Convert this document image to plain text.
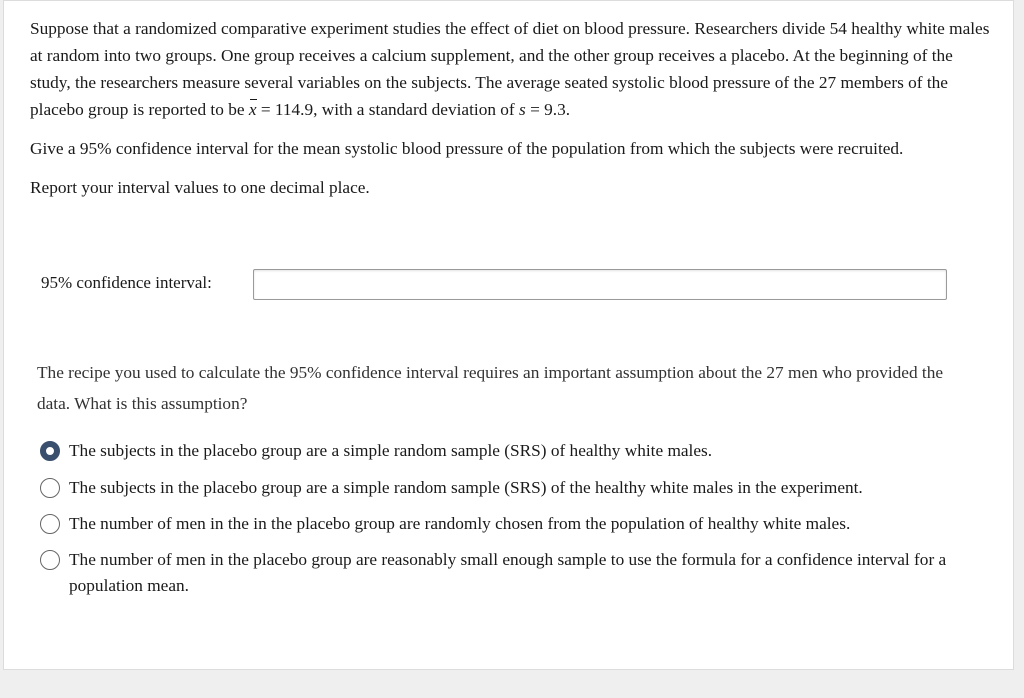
Suppose that a randomized comparative experiment studies the effect of diet on blood pressure. Researchers divide 54 healthy white males at random into two groups. One group receives a calcium supplement, and the other group receives a placebo. At the beginning of the study, the researchers measure several variables on the subjects. The average seated systolic blood pressure of the 27 members of the placebo group is reported to be x = 114.9, with a standard deviation of s = 9.3.

Give a 95% confidence interval for the mean systolic blood pressure of the population from which the subjects were recruited.

Report your interval values to one decimal place.

95% confidence interval:
The recipe you used to calculate the 95% confidence interval requires an important assumption about the 27 men who provided the data. What is this assumption?
The subjects in the placebo group are a simple random sample (SRS) of healthy white males.
The subjects in the placebo group are a simple random sample (SRS) of the healthy white males in the experiment.
The number of men in the in the placebo group are randomly chosen from the population of healthy white males.
The number of men in the placebo group are reasonably small enough sample to use the formula for a confidence interval for a population mean.
